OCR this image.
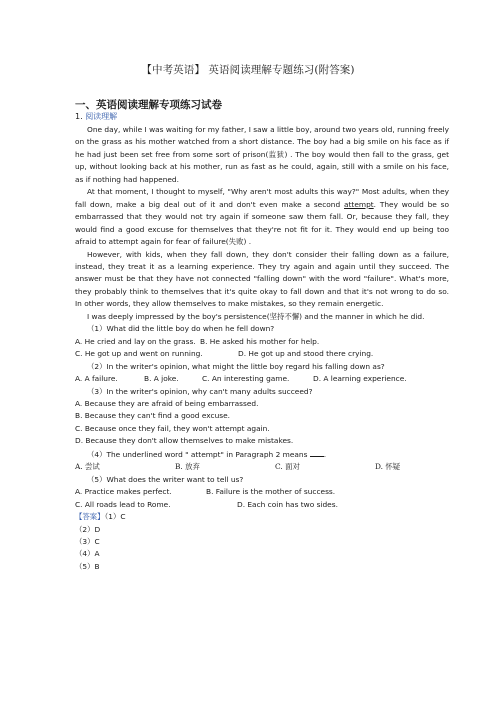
【中考英语】 英语阅读理解专题练习(附答案)
一、英语阅读理解专项练习试卷
1. 阅读理解

One day, while I was waiting for my father, I saw a little boy, around two years old, running freely on the grass as his mother watched from a short distance. The boy had a big smile on his face as if he had just been set free from some sort of prison(监狱) . The boy would then fall to the grass, get up, without looking back at his mother, run as fast as he could, again, still with a smile on his face, as if nothing had happened.

At that moment, I thought to myself, "Why aren't most adults this way?" Most adults, when they fall down, make a big deal out of it and don't even make a second attempt. They would be so embarrassed that they would not try again if someone saw them fall. Or, because they fall, they would find a good excuse for themselves that they're not fit for it. They would end up being too afraid to attempt again for fear of failure(失败) .

However, with kids, when they fall down, they don't consider their falling down as a failure, instead, they treat it as a learning experience. They try again and again until they succeed. The answer must be that they have not connected "falling down" with the word "failure". What's more, they probably think to themselves that it's quite okay to fall down and that it's not wrong to do so. In other words, they allow themselves to make mistakes, so they remain energetic.

I was deeply impressed by the boy's persistence(坚持不懈) and the manner in which he did.

（1）What did the little boy do when he fell down?
A. He cried and lay on the grass. B. He asked his mother for help.
C. He got up and went on running.	D. He got up and stood there crying.
（2）In the writer's opinion, what might the little boy regard his falling down as?
A. A failure.	B. A joke.	C. An interesting game.	D. A learning experience.
（3）In the writer's opinion, why can't many adults succeed?
A. Because they are afraid of being embarrassed.
B. Because they can't find a good excuse.
C. Because once they fail, they won't attempt again.
D. Because they don't allow themselves to make mistakes.
（4）The underlined word " attempt" in Paragraph 2 means .
A. 尝试	B. 放弃	C. 面对	D. 怀疑
（5）What does the writer want to tell us?
A. Practice makes perfect.	B. Failure is the mother of success.
C. All roads lead to Rome.	D. Each coin has two sides.
【答案】（1）C
（2）D
（3）C
（4）A
（5）B
